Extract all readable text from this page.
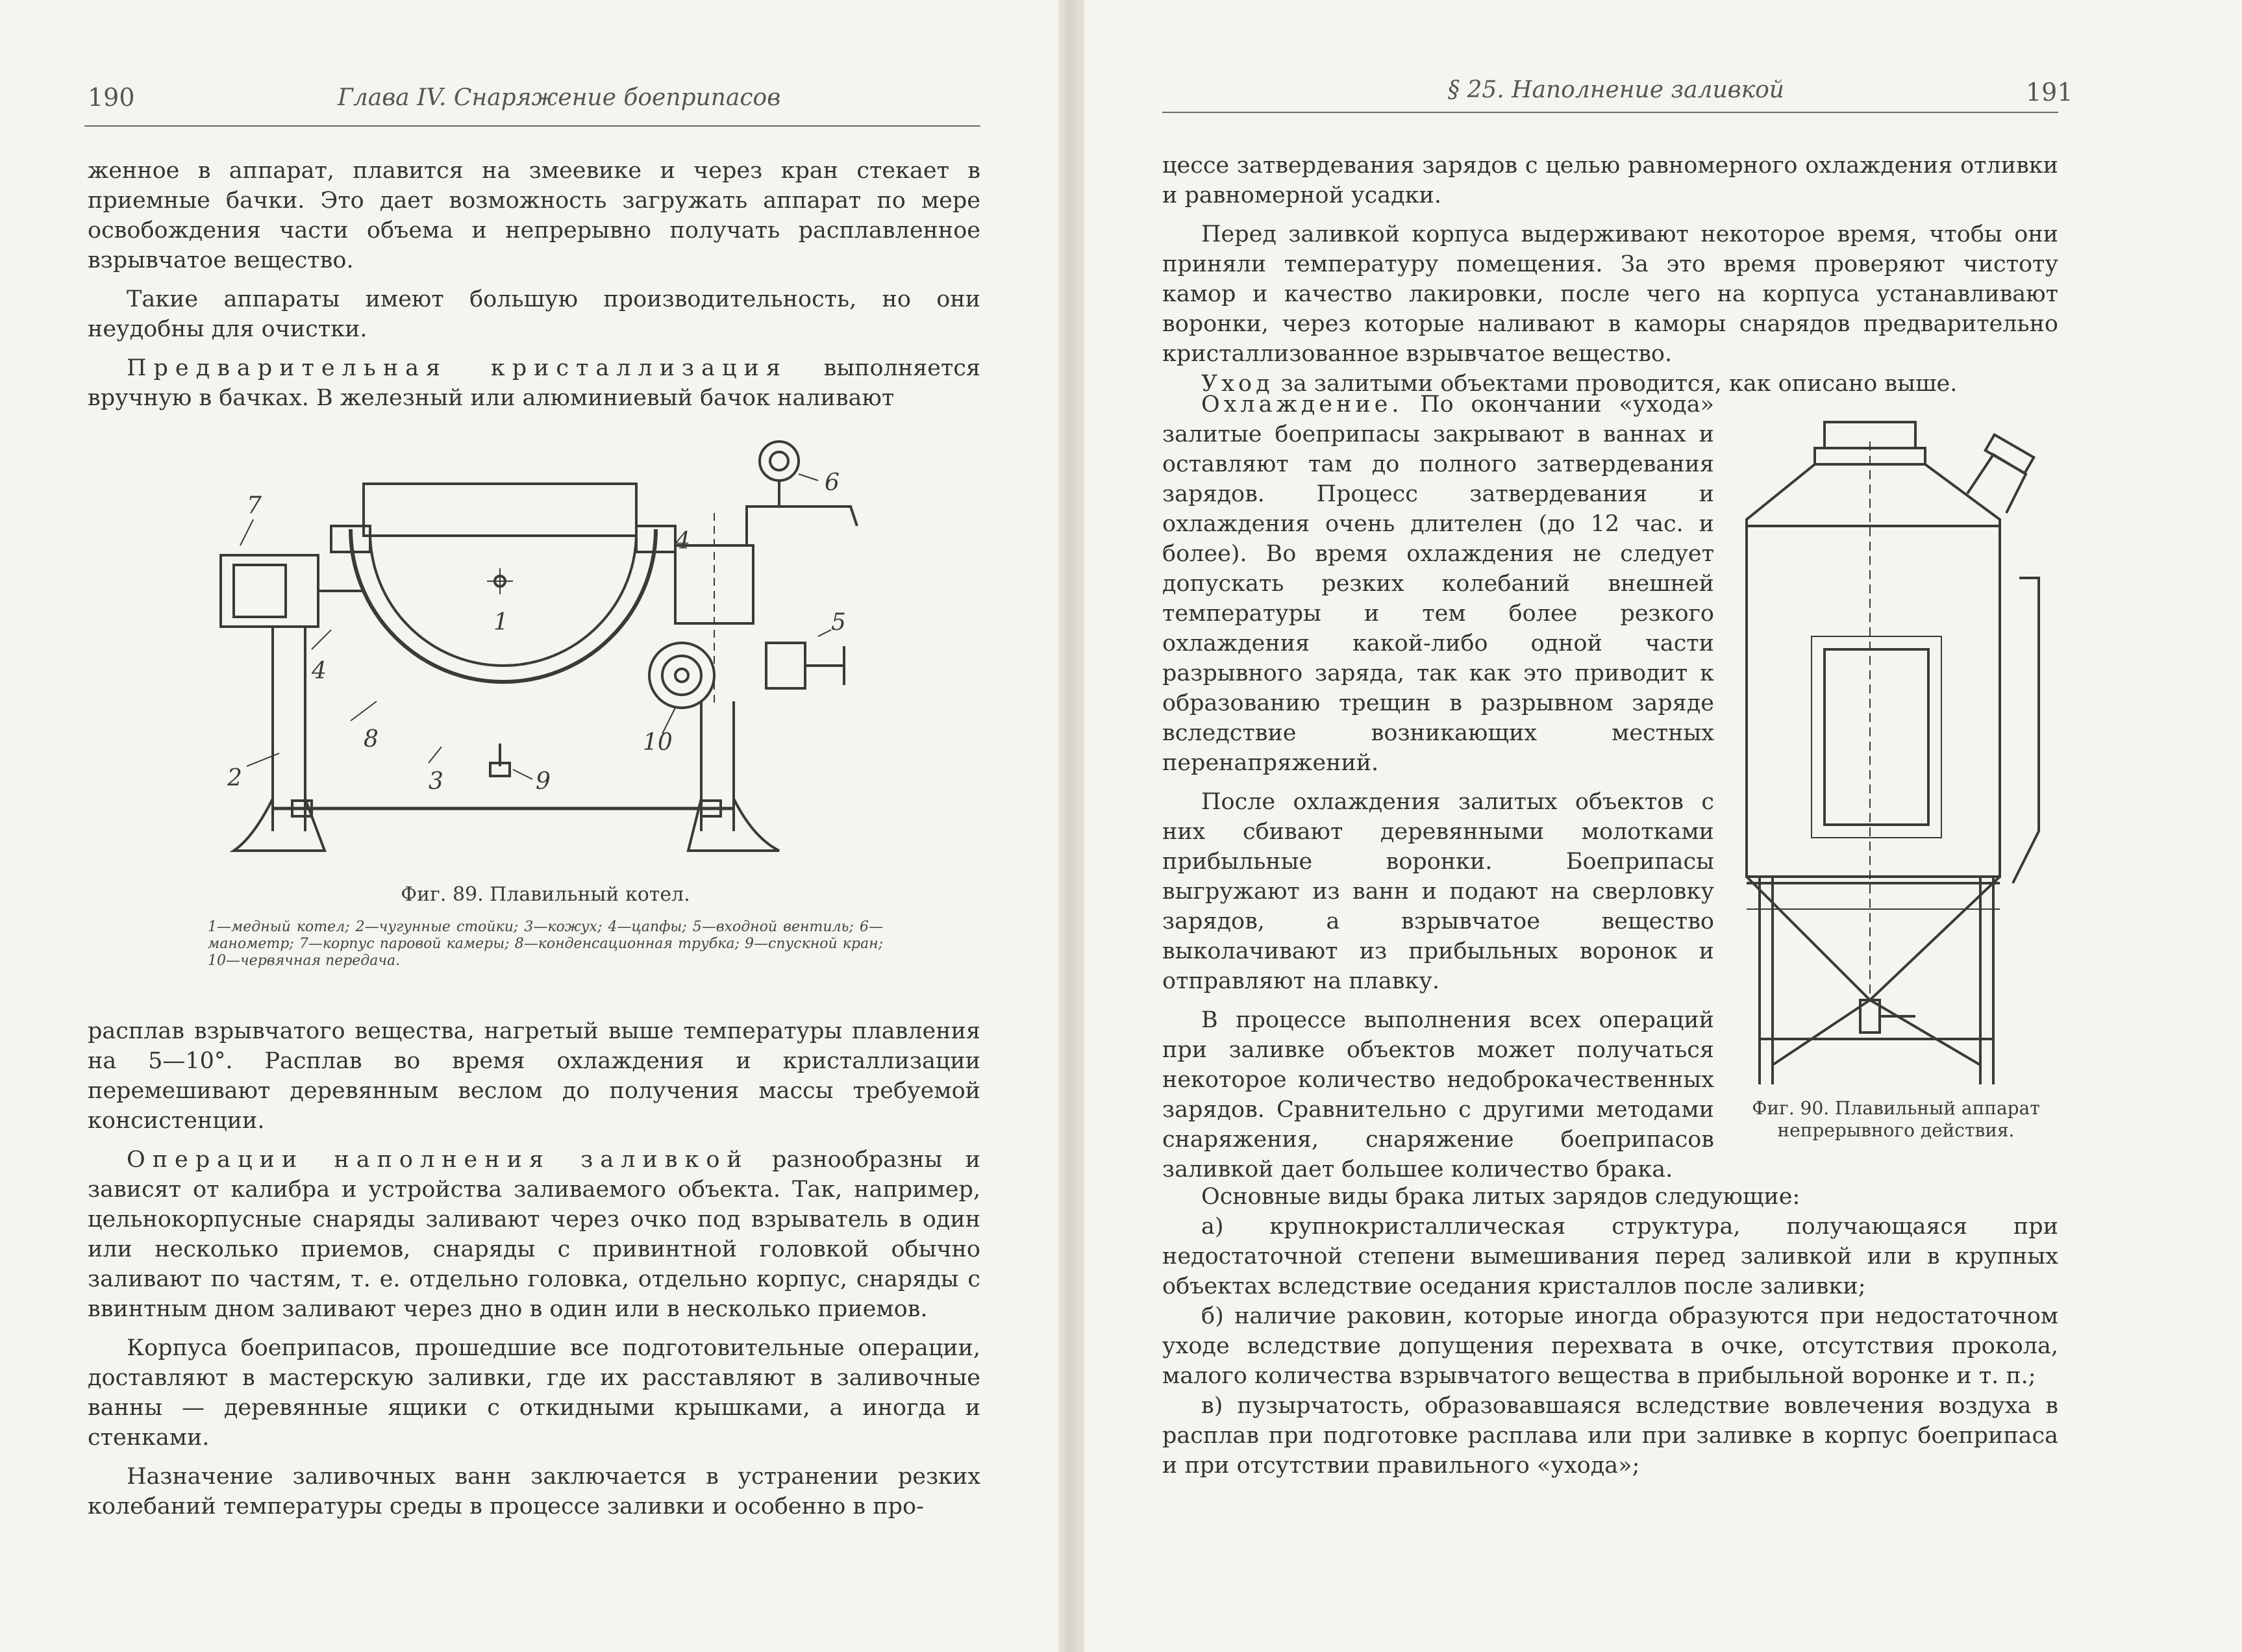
190	Глава IV. Снаряжение боеприпасов

женное в аппарат, плавится на змеевике и через кран стекает в приемные бачки. Это дает возможность загружать аппарат по мере освобождения части объема и непрерывно получать расплавленное взрывчатое вещество.

Такие аппараты имеют большую производительность, но они неудобны для очистки.

Предварительная кристаллизация выполняется вручную в бачках. В железный или алюминиевый бачок наливают

1
2	3
4
5
6
7
8
9
10
4
Фиг. 89. Плавильный котел.
1—медный котел; 2—чугунные стойки; 3—кожух; 4—цапфы; 5—входной вентиль; 6—манометр; 7—корпус паровой камеры; 8—конденсационная трубка; 9—спускной кран; 10—червячная передача.

расплав взрывчатого вещества, нагретый выше температуры плавления на 5—10°. Расплав во время охлаждения и кристаллизации перемешивают деревянным веслом до получения массы требуемой консистенции.

Операции наполнения заливкой разнообразны и зависят от калибра и устройства заливаемого объекта. Так, например, цельнокорпусные снаряды заливают через очко под взрыватель в один или несколько приемов, снаряды с привинтной головкой обычно заливают по частям, т. е. отдельно головка, отдельно корпус, снаряды с ввинтным дном заливают через дно в один или в несколько приемов.

Корпуса боеприпасов, прошедшие все подготовительные операции, доставляют в мастерскую заливки, где их расставляют в заливочные ванны — деревянные ящики с откидными крышками, а иногда и стенками.

Назначение заливочных ванн заключается в устранении резких колебаний температуры среды в процессе заливки и особенно в про-

§ 25. Наполнение заливкой	191

цессе затвердевания зарядов с целью равномерного охлаждения отливки и равномерной усадки.

Перед заливкой корпуса выдерживают некоторое время, чтобы они приняли температуру помещения. За это время проверяют чистоту камор и качество лакировки, после чего на корпуса устанавливают воронки, через которые наливают в каморы снарядов предварительно кристаллизованное взрывчатое вещество.

Уход за залитыми объектами проводится, как описано выше.

Охлаждение. По окончании «ухода» залитые боеприпасы закрывают в ваннах и оставляют там до полного затвердевания зарядов. Процесс затвердевания и охлаждения очень длителен (до 12 час. и более). Во время охлаждения не следует допускать резких колебаний внешней температуры и тем более резкого охлаждения какой-либо одной части разрывного заряда, так как это приводит к образованию трещин в разрывном заряде вследствие возникающих местных перенапряжений.

После охлаждения залитых объектов с них сбивают деревянными молотками прибыльные воронки. Боеприпасы выгружают из ванн и подают на сверловку зарядов, а взрывчатое вещество выколачивают из прибыльных воронок и отправляют на плавку.

В процессе выполнения всех операций при заливке объектов может получаться некоторое количество недоброкачественных зарядов. Сравнительно с другими методами снаряжения, снаряжение боеприпасов заливкой дает большее количество брака.

Фиг. 90. Плавильный аппарат непрерывного действия.

Основные виды брака литых зарядов следующие:

а) крупнокристаллическая структура, получающаяся при недостаточной степени вымешивания перед заливкой или в крупных объектах вследствие оседания кристаллов после заливки;

б) наличие раковин, которые иногда образуются при недостаточном уходе вследствие допущения перехвата в очке, отсутствия прокола, малого количества взрывчатого вещества в прибыльной воронке и т. п.;

в) пузырчатость, образовавшаяся вследствие вовлечения воздуха в расплав при подготовке расплава или при заливке в корпус боеприпаса и при отсутствии правильного «ухода»;
